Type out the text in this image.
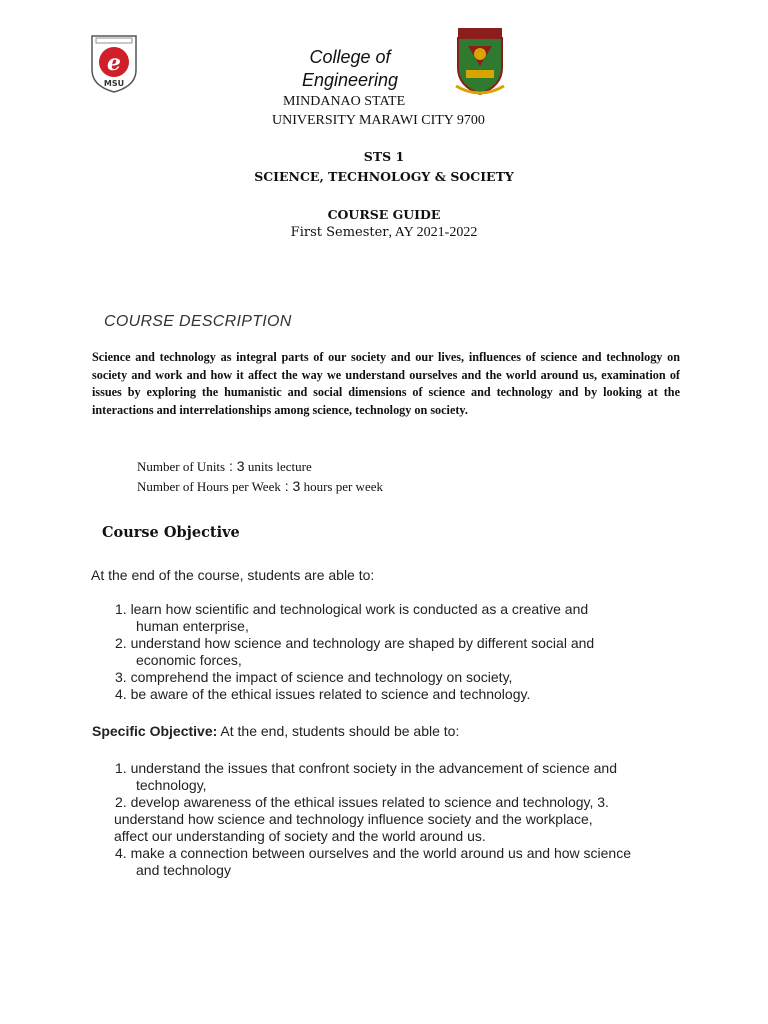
e
MSU
College of
Engineering
MINDANAO STATE
UNIVERSITY MARAWI CITY 9700
STS 1
SCIENCE, TECHNOLOGY & SOCIETY
COURSE GUIDE
First Semester, AY 2021-2022
COURSE DESCRIPTION
Science and technology as integral parts of our society and our lives, influences of science and technology on society and work and how it affect the way we understand ourselves and the world around us, examination of issues by exploring the humanistic and social dimensions of science and technology and by looking at the interactions and interrelationships among science, technology on society.
Number of Units : 3 units lecture
Number of Hours per Week : 3 hours per week
Course Objective
At the end of the course, students are able to:
1. learn how scientific and technological work is conducted as a creative and
human enterprise,
2. understand how science and technology are shaped by different social and
economic forces,
3. comprehend the impact of science and technology on society,
4. be aware of the ethical issues related to science and technology.
Specific Objective: At the end, students should be able to:
1. understand the issues that confront society in the advancement of science and
technology,
2. develop awareness of the ethical issues related to science and technology, 3.
understand how science and technology influence society and the workplace,
affect our understanding of society and the world around us.
4. make a connection between ourselves and the world around us and how science
and technology
